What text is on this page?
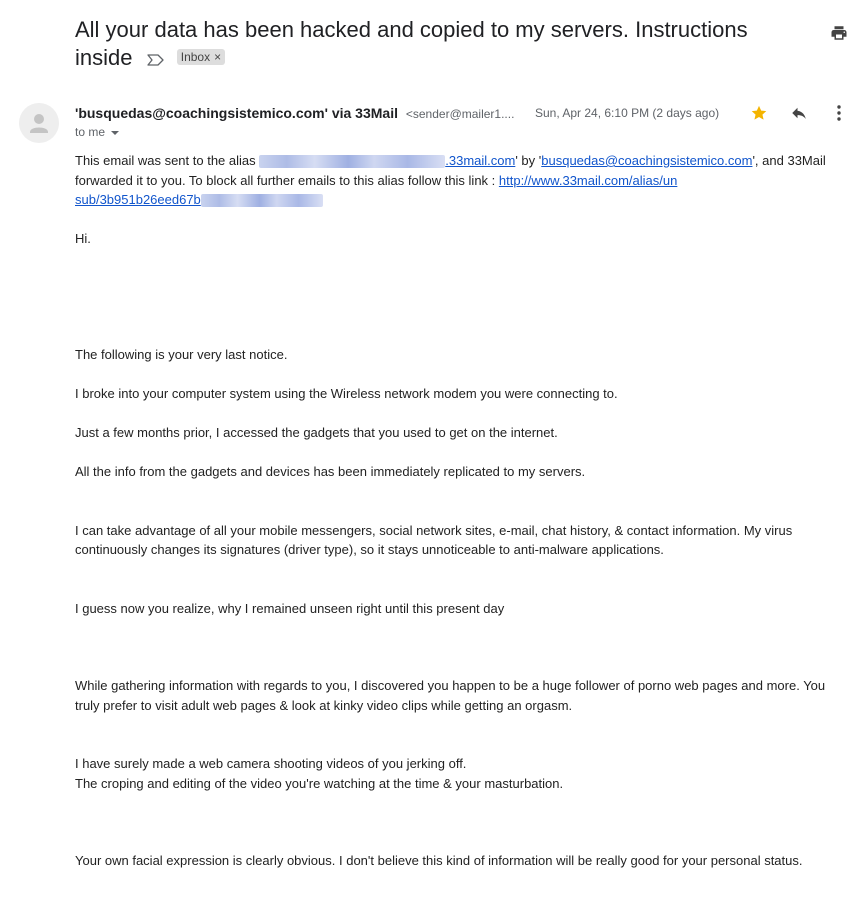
All your data has been hacked and copied to my servers. Instructions inside	Inbox ×
'busquedas@coachingsistemico.com' via 33Mail <sender@mailer1.... Sun, Apr 24, 6:10 PM (2 days ago)
to me

This email was sent to the alias	.33mail.com' by 'busquedas@coachingsistemico.com', and 33Mail forwarded it to you. To block all further emails to this alias follow this link : http://www.33mail.com/alias/un
sub/3b951b26eed67b

Hi.

The following is your very last notice.

I broke into your computer system using the Wireless network modem you were connecting to.

Just a few months prior, I accessed the gadgets that you used to get on the internet.

All the info from the gadgets and devices has been immediately replicated to my servers.

I can take advantage of all your mobile messengers, social network sites, e-mail, chat history, & contact information. My virus continuously changes its signatures (driver type), so it stays unnoticeable to anti-malware applications.

I guess now you realize, why I remained unseen right until this present day

While gathering information with regards to you, I discovered you happen to be a huge follower of porno web pages and more. You truly prefer to visit adult web pages & look at kinky video clips while getting an orgasm.

I have surely made a web camera shooting videos of you jerking off.

The croping and editing of the video you're watching at the time & your masturbation.

Your own facial expression is clearly obvious. I don't believe this kind of information will be really good for your personal status.
